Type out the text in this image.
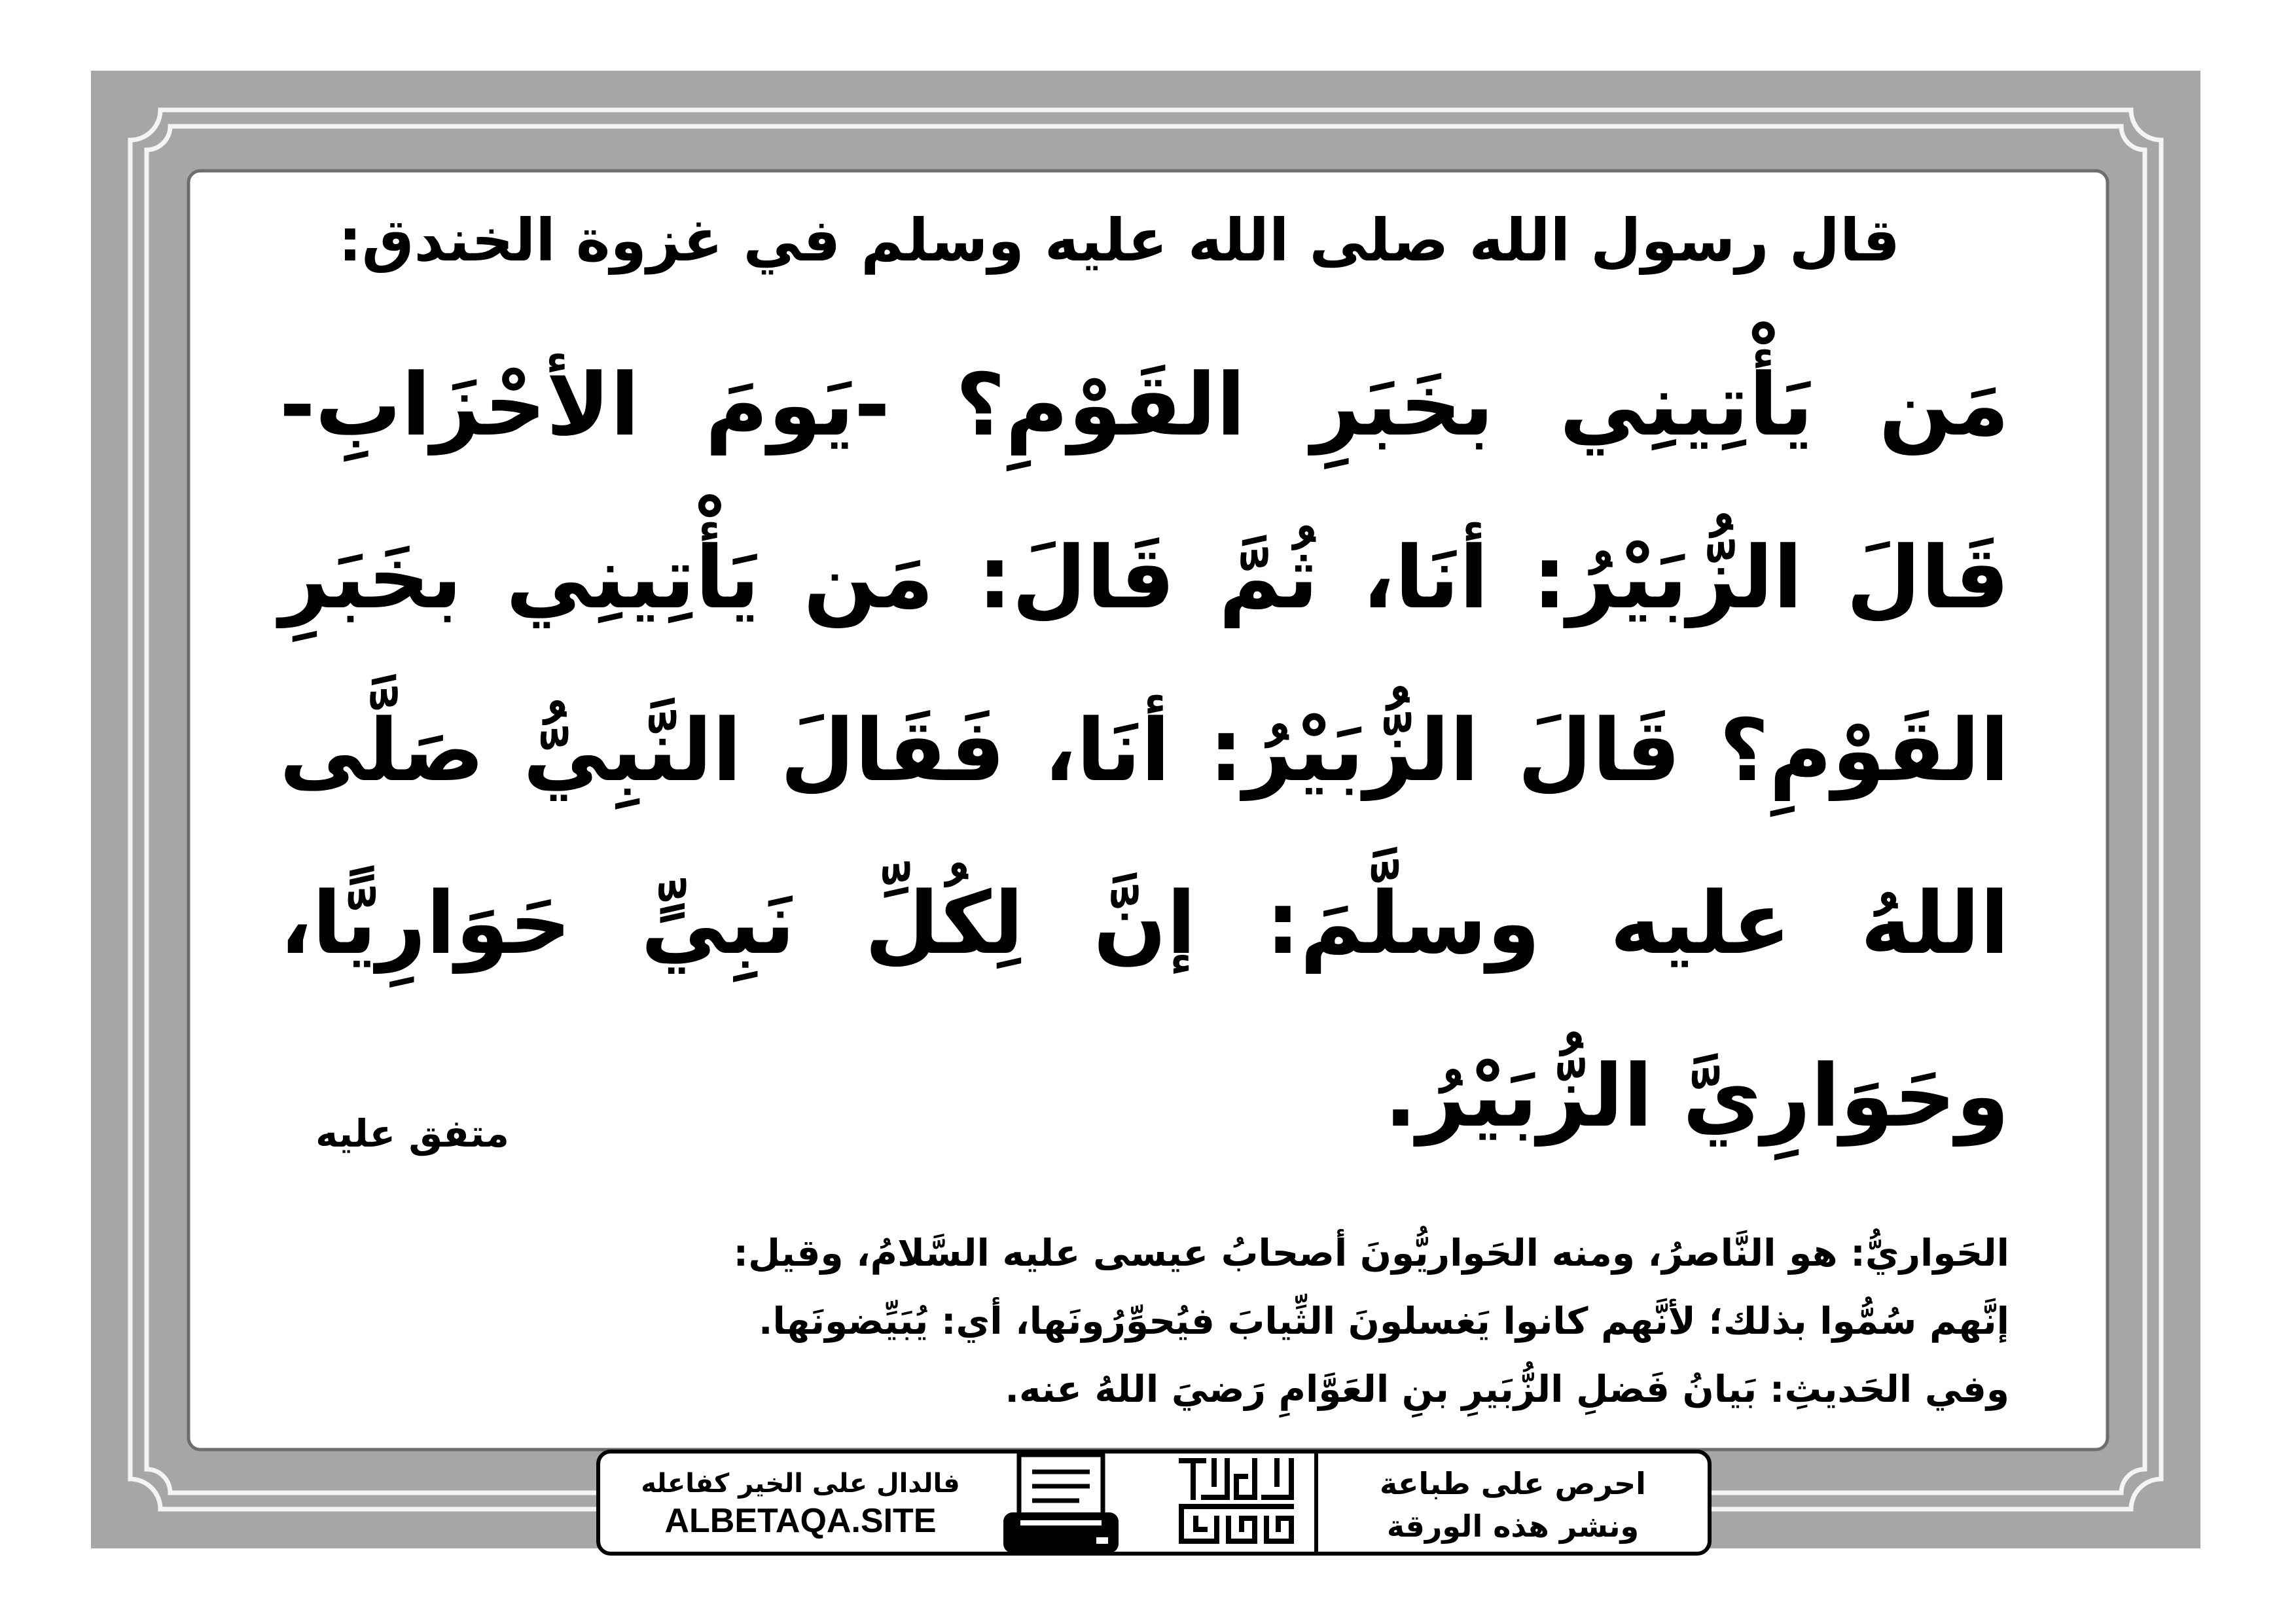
قال رسول الله صلى الله عليه وسلم في غزوة الخندق:
مَن يَأْتِينِي بخَبَرِ القَوْمِ؟ -يَومَ الأحْزَابِ-
قَالَ الزُّبَيْرُ: أنَا، ثُمَّ قَالَ: مَن يَأْتِينِي بخَبَرِ
القَوْمِ؟ قَالَ الزُّبَيْرُ: أنَا، فَقَالَ النَّبِيُّ صَلَّى
اللهُ عليه وسلَّمَ: إنَّ لِكُلِّ نَبِيٍّ حَوَارِيًّا،
وحَوَارِيَّ الزُّبَيْرُ.
متفق عليه
الحَواريُّ: هو النَّاصرُ، ومنه الحَواريُّونَ أصحابُ عيسى عليه السَّلامُ، وقيل:
إنَّهم سُمُّوا بذلك؛ لأنَّهم كانوا يَغسلونَ الثِّيابَ فيُحوِّرُونَها، أي: يُبَيِّضونَها.
وفي الحَديثِ: بَيانُ فَضلِ الزُّبَيرِ بنِ العَوَّامِ رَضيَ اللهُ عنه.
احرص على طباعة
ونشر هذه الورقة
فالدال على الخير كفاعله
ALBETAQA.SITE
